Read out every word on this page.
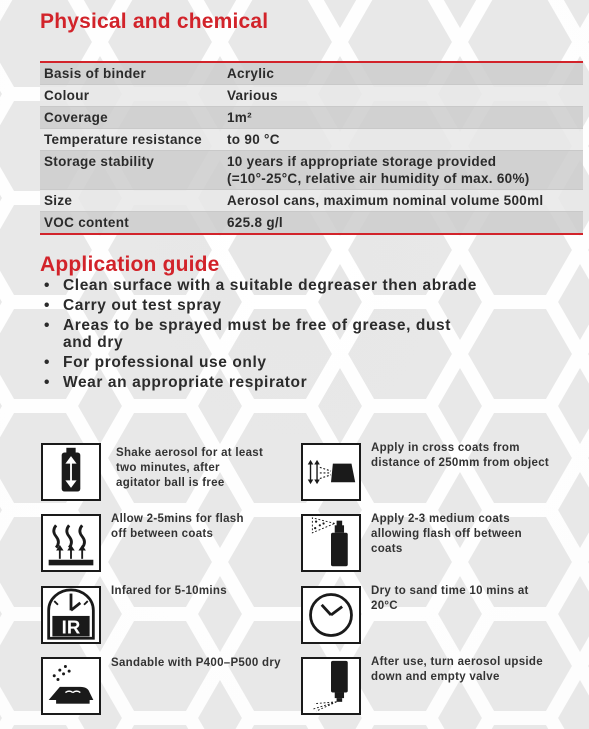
Physical and chemical
Basis of binder	Acrylic
Colour	Various
Coverage	1m²
Temperature resistance	to 90 °C
Storage stability	10 years if appropriate storage provided
(=10°-25°C, relative air humidity of max. 60%)

Size	Aerosol cans, maximum nominal volume 500ml
VOC content	625.8 g/l
Application guide
• Clean surface with a suitable degreaser then abrade
• Carry out test spray
• Areas to be sprayed must be free of grease, dust and dry
• For professional use only
• Wear an appropriate respirator
Shake aerosol for at least two minutes, after agitator ball is free
Allow 2-5mins for flash off between coats
IR
Infared for 5-10mins
Sandable with P400–P500 dry
Apply in cross coats from distance of 250mm from object
Apply 2-3 medium coats allowing flash off between coats
Dry to sand time 10 mins at 20°C
After use, turn aerosol upside down and empty valve
